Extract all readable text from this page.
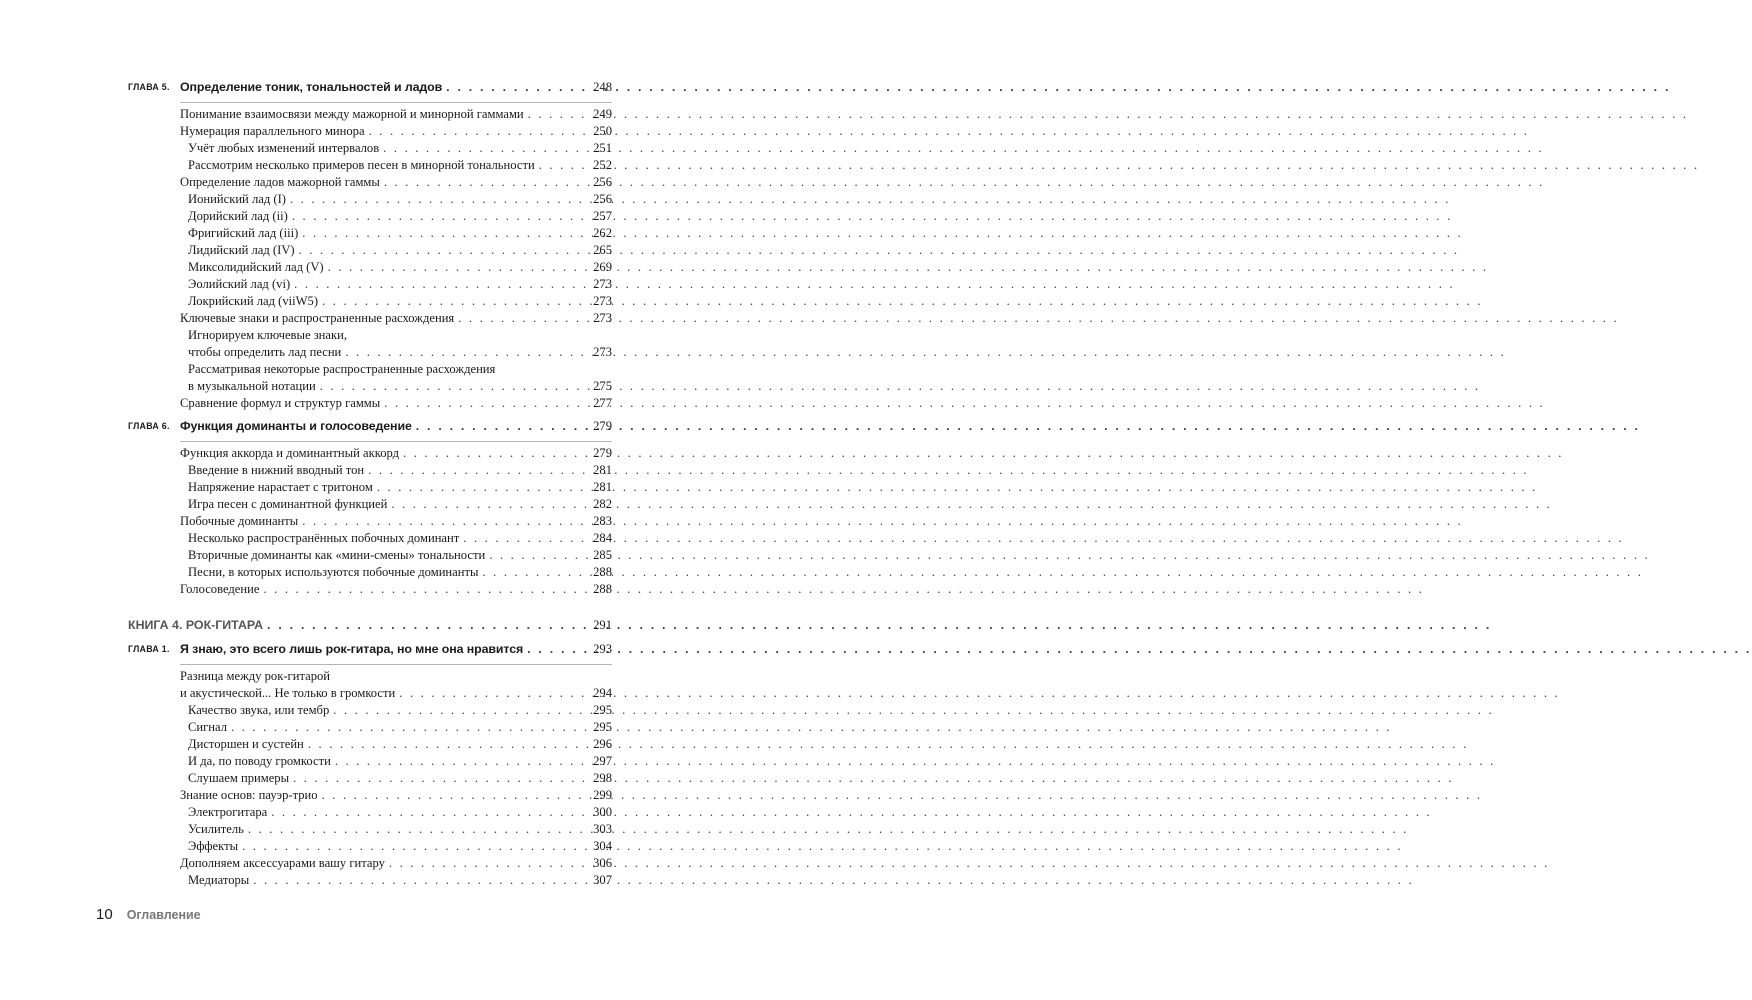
ГЛАВА 5. Определение тоник, тональностей и ладов . . .	248
Понимание взаимосвязи между мажорной и минорной гаммами . . .	249
Нумерация параллельного минора . . .	250
Учёт любых изменений интервалов . . .	251
Рассмотрим несколько примеров песен в минорной тональности . . .	252
Определение ладов мажорной гаммы . . .	256
Ионийский лад (I) . . .	256
Дорийский лад (ii) . . .	257
Фригийский лад (iii) . . .	262
Лидийский лад (IV) . . .	265
Миксолидийский лад (V) . . .	269
Эолийский лад (vi) . . .	273
Локрийский лад (viiW5) . . .	273
Ключевые знаки и распространенные расхождения . . .	273
Игнорируем ключевые знаки,
чтобы определить лад песни . . .	273
Рассматривая некоторые распространенные расхождения
в музыкальной нотации . . .	275
Сравнение формул и структур гаммы . . .	277
ГЛАВА 6. Функция доминанты и голосоведение . . .	279
Функция аккорда и доминантный аккорд . . .	279
Введение в нижний вводный тон . . .	281
Напряжение нарастает с тритоном . . .	281
Игра песен с доминантной функцией . . .	282
Побочные доминанты . . .	283
Несколько распространённых побочных доминант . . .	284
Вторичные доминанты как «мини-смены» тональности . . .	285
Песни, в которых используются побочные доминанты . . .	288
Голосоведение . . .	288
КНИГА 4. РОК-ГИТАРА . . .	291
ГЛАВА 1. Я знаю, это всего лишь рок-гитара, но мне она нравится . . .	293
Разница между рок-гитарой
и акустической... Не только в громкости . . .	294
Качество звука, или тембр . . .	295
Сигнал . . .	295
Дисторшен и сустейн . . .	296
И да, по поводу громкости . . .	297
Слушаем примеры . . .	298
Знание основ: пауэр-трио . . .	299
Электрогитара . . .	300
Усилитель . . .	303
Эффекты . . .	304
Дополняем аксессуарами вашу гитару . . .	306
Медиаторы . . .	307
10 Оглавление
